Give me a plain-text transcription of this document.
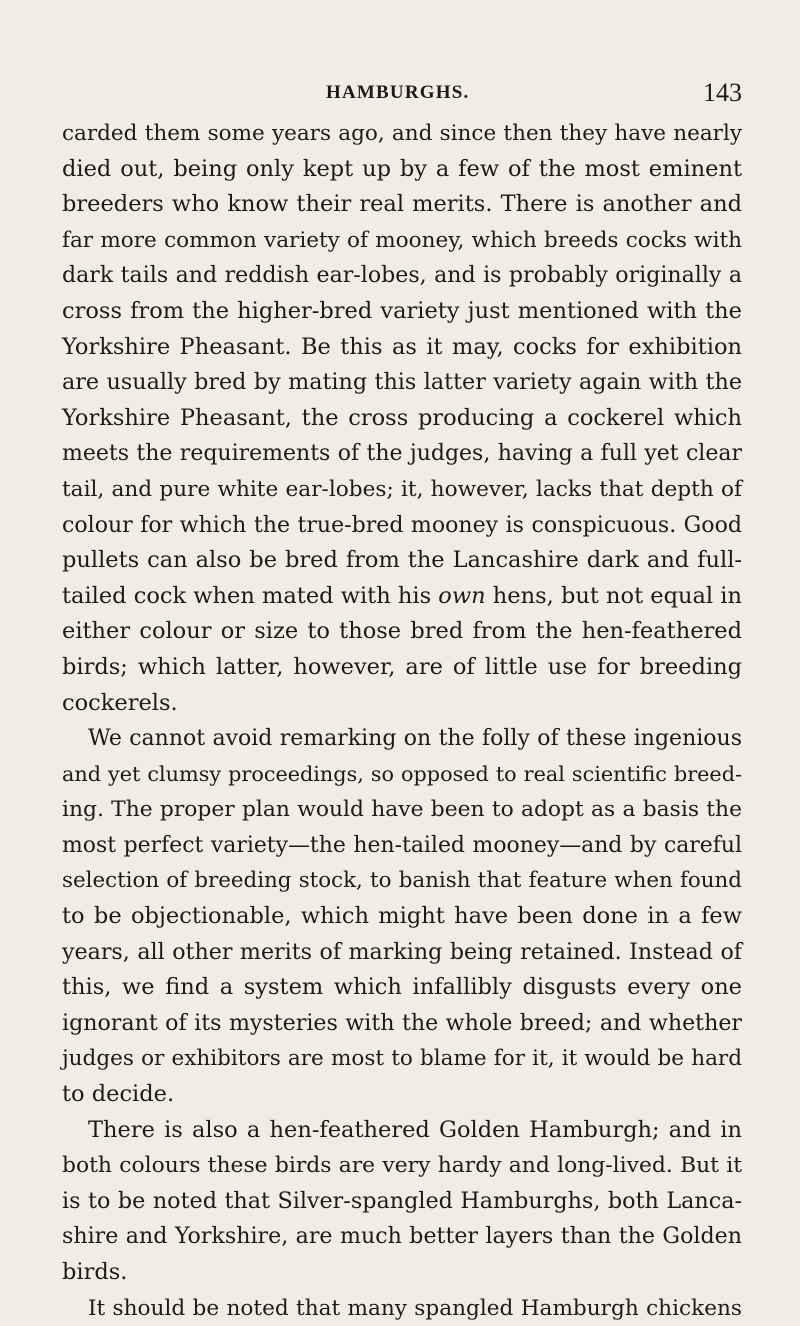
HAMBURGHS.	143
carded them some years ago, and since then they have nearly
died out, being only kept up by a few of the most eminent
breeders who know their real merits. There is another and
far more common variety of mooney, which breeds cocks with
dark tails and reddish ear-lobes, and is probably originally a
cross from the higher-bred variety just mentioned with the
Yorkshire Pheasant. Be this as it may, cocks for exhibition
are usually bred by mating this latter variety again with the
Yorkshire Pheasant, the cross producing a cockerel which
meets the requirements of the judges, having a full yet clear
tail, and pure white ear-lobes; it, however, lacks that depth of
colour for which the true-bred mooney is conspicuous. Good
pullets can also be bred from the Lancashire dark and full-
tailed cock when mated with his own hens, but not equal in
either colour or size to those bred from the hen-feathered
birds; which latter, however, are of little use for breeding
cockerels.
We cannot avoid remarking on the folly of these ingenious
and yet clumsy proceedings, so opposed to real scientific breed-
ing. The proper plan would have been to adopt as a basis the
most perfect variety—the hen-tailed mooney—and by careful
selection of breeding stock, to banish that feature when found
to be objectionable, which might have been done in a few
years, all other merits of marking being retained. Instead of
this, we find a system which infallibly disgusts every one
ignorant of its mysteries with the whole breed; and whether
judges or exhibitors are most to blame for it, it would be hard
to decide.
There is also a hen-feathered Golden Hamburgh; and in
both colours these birds are very hardy and long-lived. But it
is to be noted that Silver-spangled Hamburghs, both Lanca-
shire and Yorkshire, are much better layers than the Golden
birds.
It should be noted that many spangled Hamburgh chickens
